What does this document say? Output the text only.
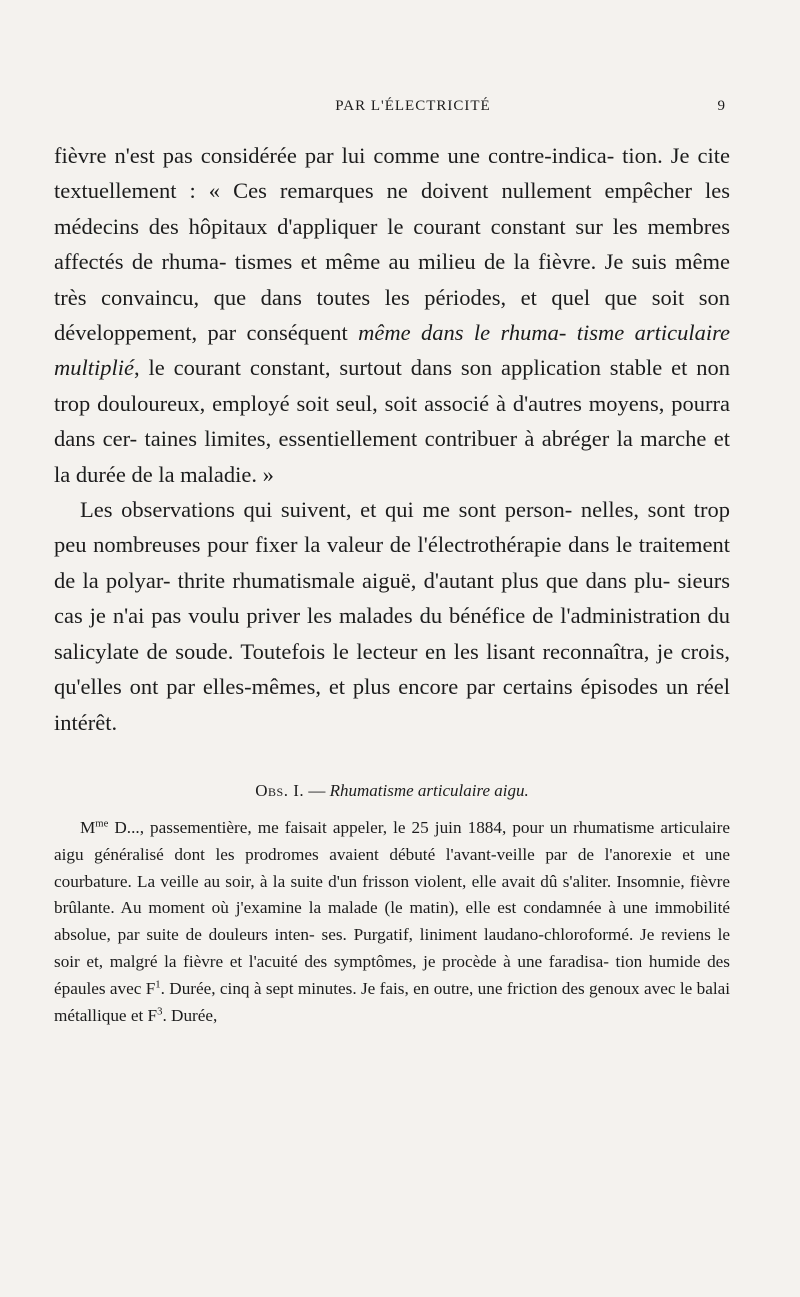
PAR L'ÉLECTRICITÉ	9

fièvre n'est pas considérée par lui comme une contre-indica- tion. Je cite textuellement : « Ces remarques ne doivent nullement empêcher les médecins des hôpitaux d'appliquer le courant constant sur les membres affectés de rhuma- tismes et même au milieu de la fièvre. Je suis même très convaincu, que dans toutes les périodes, et quel que soit son développement, par conséquent même dans le rhuma- tisme articulaire multiplié, le courant constant, surtout dans son application stable et non trop douloureux, employé soit seul, soit associé à d'autres moyens, pourra dans cer- taines limites, essentiellement contribuer à abréger la marche et la durée de la maladie. »

Les observations qui suivent, et qui me sont person- nelles, sont trop peu nombreuses pour fixer la valeur de l'électrothérapie dans le traitement de la polyar- thrite rhumatismale aiguë, d'autant plus que dans plu- sieurs cas je n'ai pas voulu priver les malades du bénéfice de l'administration du salicylate de soude. Toutefois le lecteur en les lisant reconnaîtra, je crois, qu'elles ont par elles-mêmes, et plus encore par certains épisodes un réel intérêt.

Obs. I. — Rhumatisme articulaire aigu.

$M^{me}$ D..., passementière, me faisait appeler, le 25 juin 1884, pour un rhumatisme articulaire aigu généralisé dont les prodromes avaient débuté l'avant-veille par de l'anorexie et une courbature. La veille au soir, à la suite d'un frisson violent, elle avait dû s'aliter. Insomnie, fièvre brûlante. Au moment où j'examine la malade (le matin), elle est condamnée à une immobilité absolue, par suite de douleurs inten- ses. Purgatif, liniment laudano-chloroformé. Je reviens le soir et, malgré la fièvre et l'acuité des symptômes, je procède à une faradisa- tion humide des épaules avec $F^1$. Durée, cinq à sept minutes. Je fais, en outre, une friction des genoux avec le balai métallique et $F^3$. Durée,
